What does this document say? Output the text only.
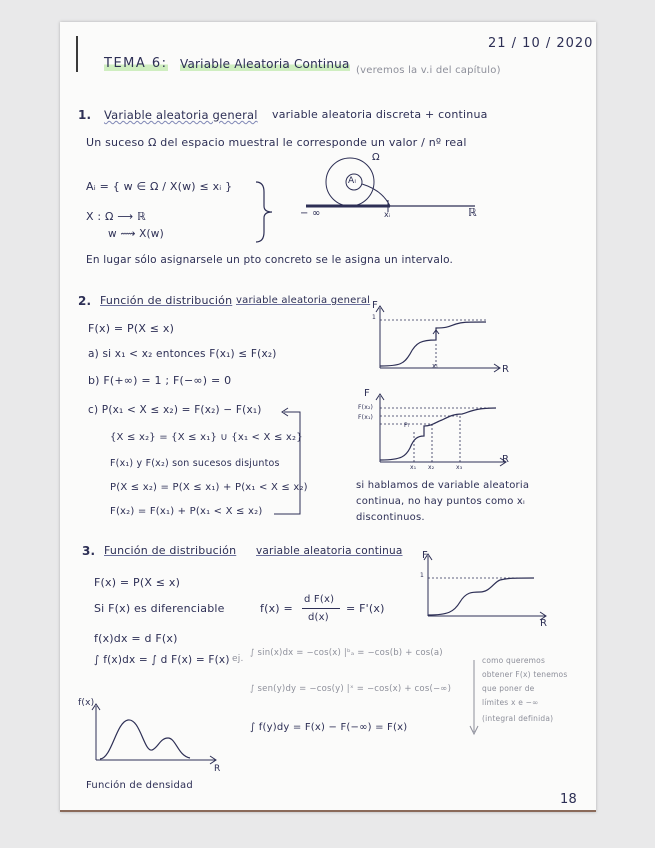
21 / 10 / 2020
TEMA 6: Variable Aleatoria Continua (veremos la v.i del capítulo)
1. Variable aleatoria general variable aleatoria discreta + continua
Un suceso Ω del espacio muestral le corresponde un valor / nº real
Aᵢ = { w ∈ Ω / X(w) ≤ xᵢ }
X : Ω ⟶ ℝ
w ⟿ X(w)
Ω
Aᵢ
− ∞	xᵢ	ℝ
En lugar sólo asignarsele un pto concreto se le asigna un intervalo.
2. Función de distribución variable aleatoria general
F(x) = P(X ≤ x)
a) si x₁ < x₂ entonces F(x₁) ≤ F(x₂)
b) F(+∞) = 1 ; F(−∞) = 0
c) P(x₁ < X ≤ x₂) = F(x₂) − F(x₁)
{X ≤ x₂} = {X ≤ x₁} ∪ {x₁ < X ≤ x₂}
F(x₁) y F(x₂) son sucesos disjuntos
P(X ≤ x₂) = P(X ≤ x₁) + P(x₁ < X ≤ x₂)
F(x₂) = F(x₁) + P(x₁ < X ≤ x₂)
F
1
xᵢ	R
F
F(x₂)
F(x₁)
Pᵢ
x₁ x₂	x₃
R
si hablamos de variable aleatoria
continua, no hay puntos como xᵢ
discontinuos.
3. Función de distribución variable aleatoria continua
F(x) = P(X ≤ x)
Si F(x) es diferenciable	f(x) =
d F(x)
d(x)
= F'(x)
f(x)dx = d F(x)
∫ f(x)dx = ∫ d F(x) = F(x) ej.
∫ sin(x)dx = −cos(x) |ᵇₐ = −cos(b) + cos(a)
∫ sen(y)dy = −cos(y) |ˣ = −cos(x) + cos(−∞)
∫ f(y)dy = F(x) − F(−∞) = F(x)
como queremos
obtener F(x) tenemos
que poner de
límites x e −∞
(integral definida)
F
1
R
f(x)
R
Función de densidad
18
